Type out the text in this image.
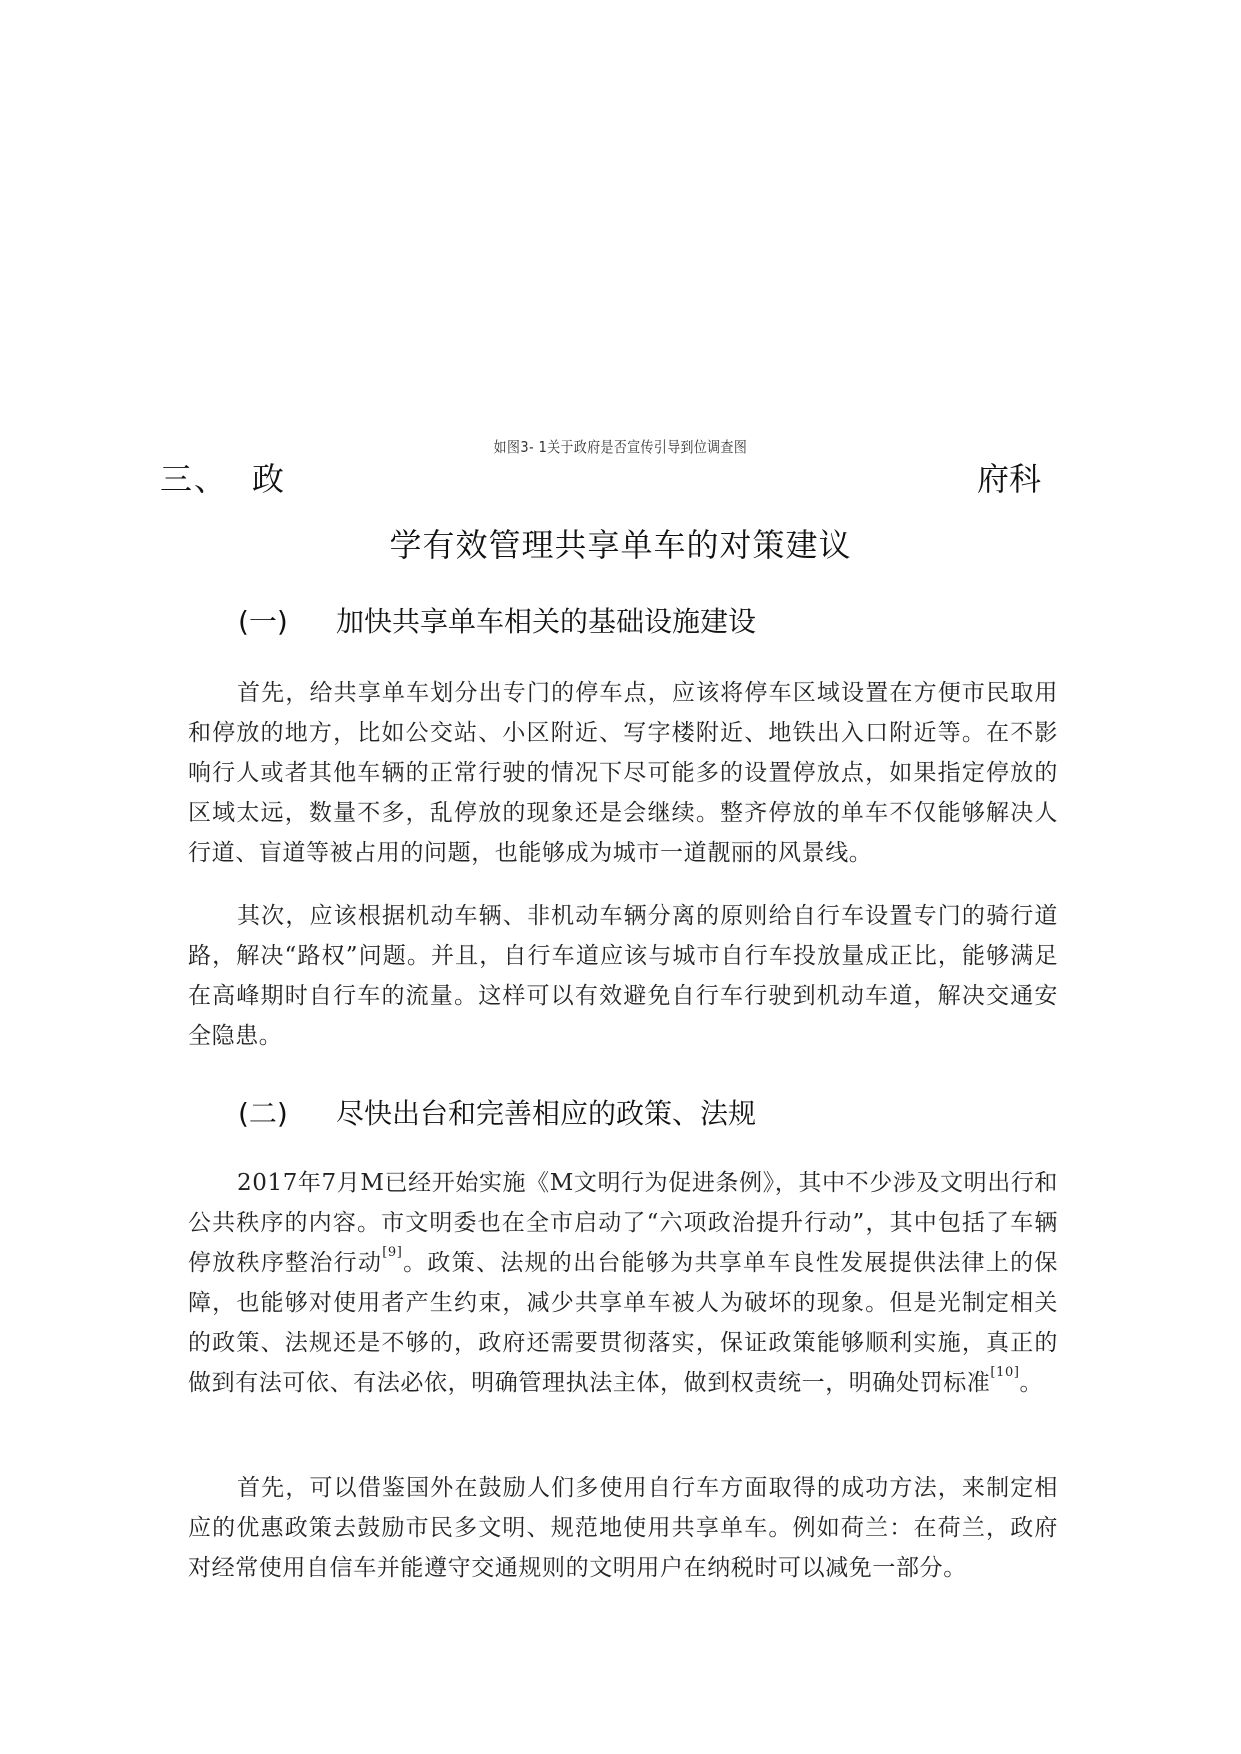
如图3- 1关于政府是否宣传引导到位调查图
三、 政	府科
学有效管理共享单车的对策建议
(一) 加快共享单车相关的基础设施建设

首先，给共享单车划分出专门的停车点，应该将停车区域设置在方便市民取用和停放的地方，比如公交站、小区附近、写字楼附近、地铁出入口附近等。在不影响行人或者其他车辆的正常行驶的情况下尽可能多的设置停放点，如果指定停放的区域太远，数量不多，乱停放的现象还是会继续。整齐停放的单车不仅能够解决人行道、盲道等被占用的问题，也能够成为城市一道靓丽的风景线。

其次，应该根据机动车辆、非机动车辆分离的原则给自行车设置专门的骑行道路，解决“路权”问题。并且，自行车道应该与城市自行车投放量成正比，能够满足在高峰期时自行车的流量。这样可以有效避免自行车行驶到机动车道，解决交通安全隐患。

(二) 尽快出台和完善相应的政策、法规

2017年7月M已经开始实施《M文明行为促进条例》，其中不少涉及文明出行和公共秩序的内容。市文明委也在全市启动了“六项政治提升行动”，其中包括了车辆停放秩序整治行动[9]。政策、法规的出台能够为共享单车良性发展提供法律上的保障，也能够对使用者产生约束，减少共享单车被人为破坏的现象。但是光制定相关的政策、法规还是不够的，政府还需要贯彻落实，保证政策能够顺利实施，真正的做到有法可依、有法必依，明确管理执法主体，做到权责统一，明确处罚标准[10]。

首先，可以借鉴国外在鼓励人们多使用自行车方面取得的成功方法，来制定相应的优惠政策去鼓励市民多文明、规范地使用共享单车。例如荷兰：在荷兰，政府对经常使用自信车并能遵守交通规则的文明用户在纳税时可以减免一部分。
